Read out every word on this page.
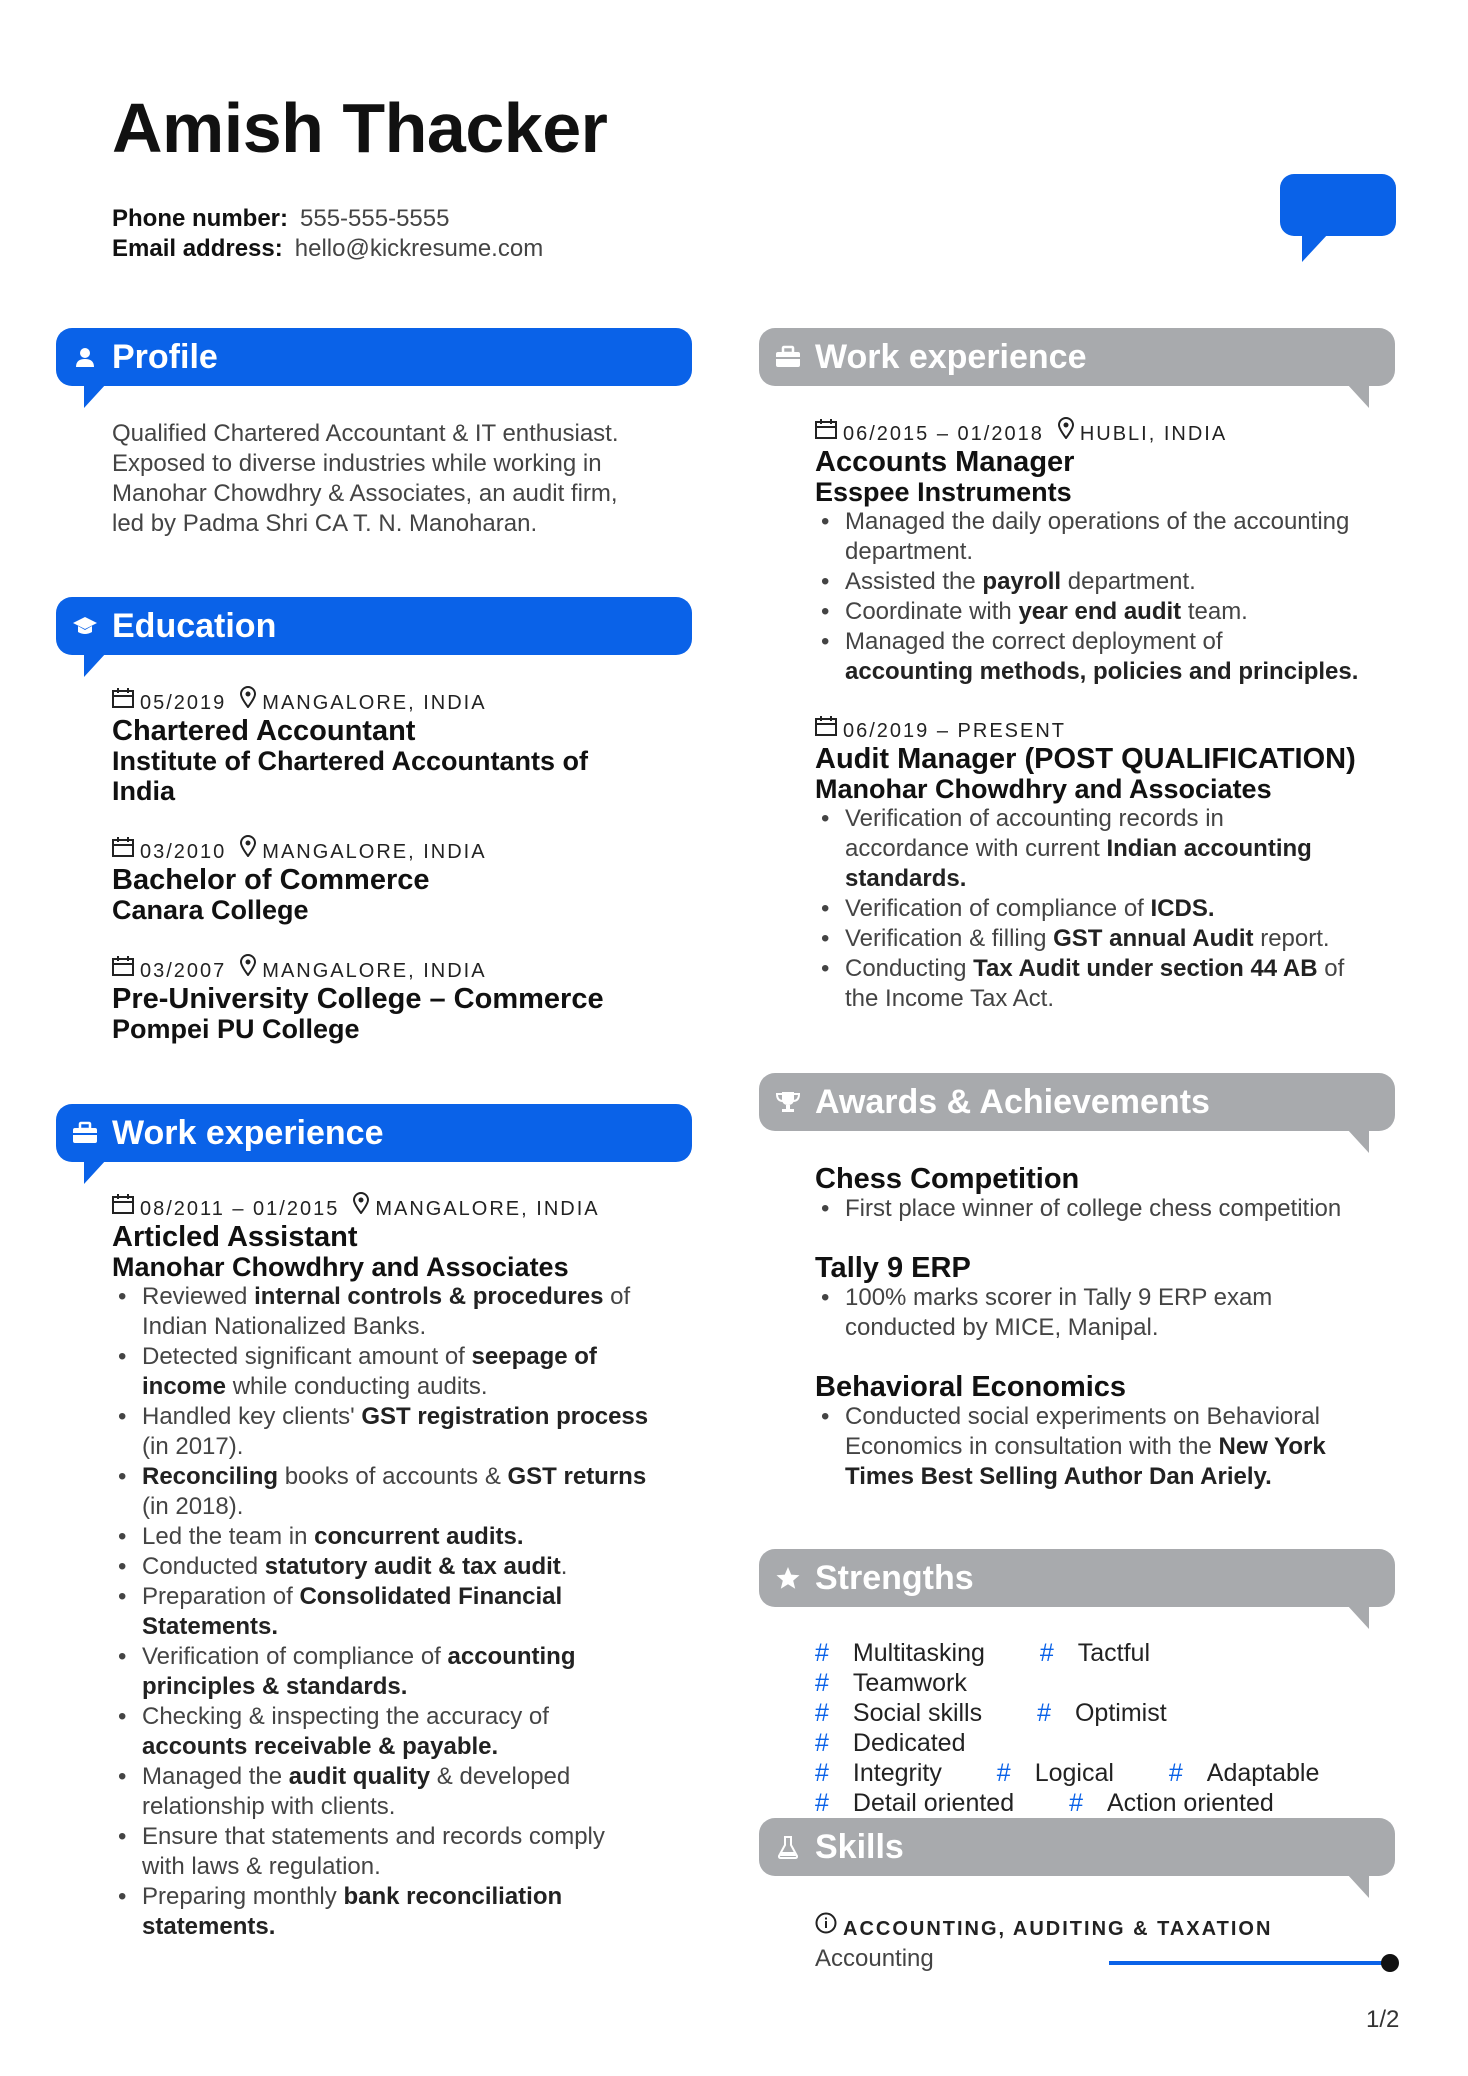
Amish Thacker
Phone number: 555-555-5555
Email address: hello@kickresume.com
Profile
Qualified Chartered Accountant & IT enthusiast.
Exposed to diverse industries while working in
Manohar Chowdhry & Associates, an audit firm,
led by Padma Shri CA T. N. Manoharan.
Education
05/2019 MANGALORE, INDIA
Chartered Accountant
Institute of Chartered Accountants of
India
03/2010 MANGALORE, INDIA
Bachelor of Commerce
Canara College
03/2007 MANGALORE, INDIA
Pre-University College – Commerce
Pompei PU College
Work experience
08/2011 – 01/2015 MANGALORE, INDIA
Articled Assistant
Manohar Chowdhry and Associates
• Reviewed internal controls & procedures of
Indian Nationalized Banks.
• Detected significant amount of seepage of
income while conducting audits.
• Handled key clients' GST registration process
(in 2017).
• Reconciling books of accounts & GST returns
(in 2018).
• Led the team in concurrent audits.
• Conducted statutory audit & tax audit.
• Preparation of Consolidated Financial
Statements.
• Verification of compliance of accounting
principles & standards.
• Checking & inspecting the accuracy of
accounts receivable & payable.
• Managed the audit quality & developed
relationship with clients.
• Ensure that statements and records comply
with laws & regulation.
• Preparing monthly bank reconciliation
statements.
Work experience
06/2015 – 01/2018 HUBLI, INDIA
Accounts Manager
Esspee Instruments
• Managed the daily operations of the accounting
department.
• Assisted the payroll department.
• Coordinate with year end audit team.
• Managed the correct deployment of
accounting methods, policies and principles.
06/2019 – PRESENT
Audit Manager (POST QUALIFICATION)
Manohar Chowdhry and Associates
• Verification of accounting records in
accordance with current Indian accounting
standards.
• Verification of compliance of ICDS.
• Verification & filling GST annual Audit report.
• Conducting Tax Audit under section 44 AB of
the Income Tax Act.
Awards & Achievements
Chess Competition
• First place winner of college chess competition
Tally 9 ERP
• 100% marks scorer in Tally 9 ERP exam
conducted by MICE, Manipal.
Behavioral Economics
• Conducted social experiments on Behavioral
Economics in consultation with the New York
Times Best Selling Author Dan Ariely.
Strengths
# Multitasking # Tactful # Teamwork
# Social skills # Optimist # Dedicated
# Integrity # Logical # Adaptable
# Detail oriented # Action oriented
Skills
ACCOUNTING, AUDITING & TAXATION
Accounting
1/2
